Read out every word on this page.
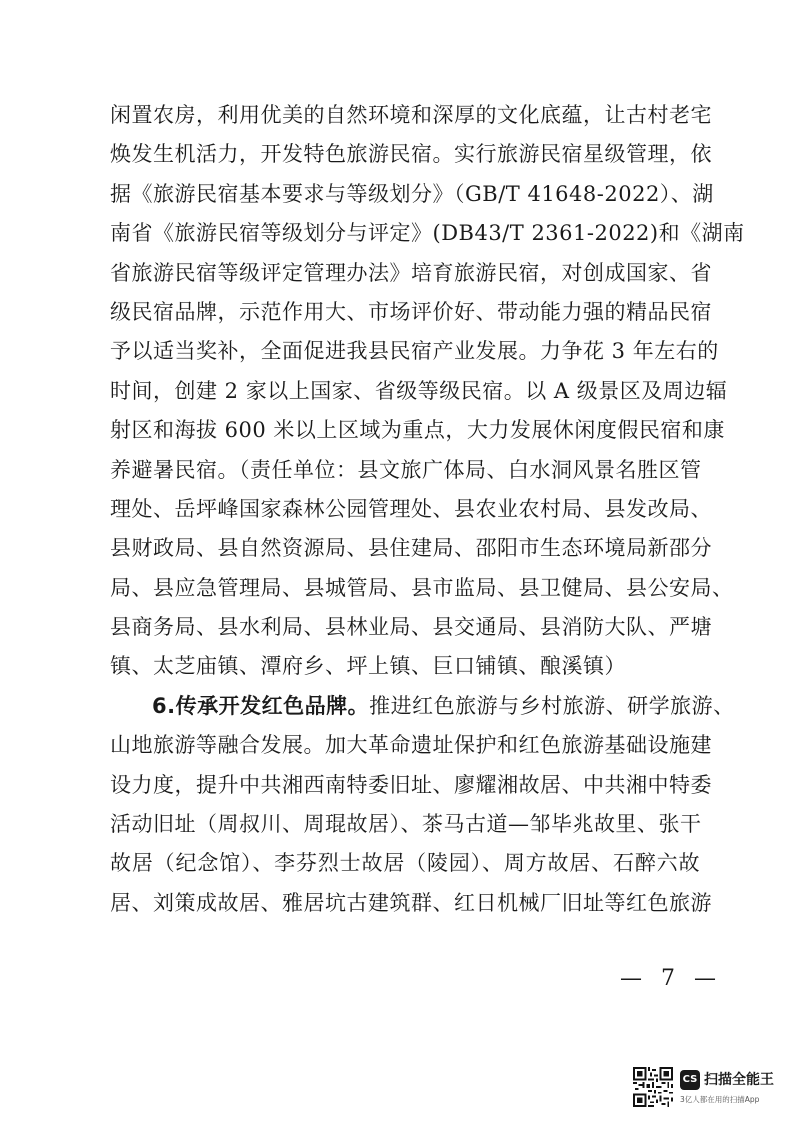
闲置农房，利用优美的自然环境和深厚的文化底蕴，让古村老宅
焕发生机活力，开发特色旅游民宿。实行旅游民宿星级管理，依
据《旅游民宿基本要求与等级划分》（GB/T 41648-2022）、湖
南省《旅游民宿等级划分与评定》(DB43/T 2361-2022)和《湖南
省旅游民宿等级评定管理办法》培育旅游民宿，对创成国家、省
级民宿品牌，示范作用大、市场评价好、带动能力强的精品民宿
予以适当奖补，全面促进我县民宿产业发展。力争花 3 年左右的
时间，创建 2 家以上国家、省级等级民宿。以 A 级景区及周边辐
射区和海拔 600 米以上区域为重点，大力发展休闲度假民宿和康
养避暑民宿。（责任单位：县文旅广体局、白水洞风景名胜区管
理处、岳坪峰国家森林公园管理处、县农业农村局、县发改局、
县财政局、县自然资源局、县住建局、邵阳市生态环境局新邵分
局、县应急管理局、县城管局、县市监局、县卫健局、县公安局、
县商务局、县水利局、县林业局、县交通局、县消防大队、严塘
镇、太芝庙镇、潭府乡、坪上镇、巨口铺镇、酿溪镇）
6.传承开发红色品牌。推进红色旅游与乡村旅游、研学旅游、
山地旅游等融合发展。加大革命遗址保护和红色旅游基础设施建
设力度，提升中共湘西南特委旧址、廖耀湘故居、中共湘中特委
活动旧址（周叔川、周琨故居）、茶马古道—邹毕兆故里、张干
故居（纪念馆）、李芬烈士故居（陵园）、周方故居、石醉六故
居、刘策成故居、雅居坑古建筑群、红日机械厂旧址等红色旅游
— 7 —
CS 扫描全能王
3亿人都在用的扫描App
